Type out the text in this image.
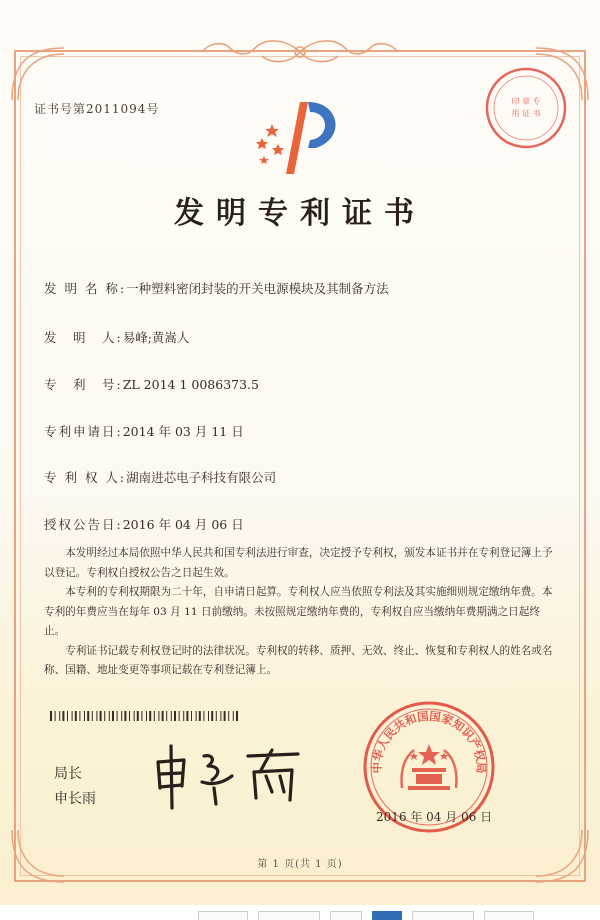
证书号第2011094号
印 章 专
用 证 书
发明专利证书
发 明 名 称:一种塑料密闭封装的开关电源模块及其制备方法
发　明　人:易峰;黄嵩人
专　利　号:ZL 2014 1 0086373.5
专利申请日:2014 年 03 月 11 日
专 利 权 人:湖南进芯电子科技有限公司
授权公告日:2016 年 04 月 06 日

本发明经过本局依照中华人民共和国专利法进行审查，决定授予专利权，颁发本证书并在专利登记簿上予以登记。专利权自授权公告之日起生效。

本专利的专利权期限为二十年，自申请日起算。专利权人应当依照专利法及其实施细则规定缴纳年费。本专利的年费应当在每年 03 月 11 日前缴纳。未按照规定缴纳年费的，专利权自应当缴纳年费期满之日起终止。

专利证书记载专利权登记时的法律状况。专利权的转移、质押、无效、终止、恢复和专利权人的姓名或名称、国籍、地址变更等事项记载在专利登记簿上。

局长
申长雨
中华人民共和国国家知识产权局
2016 年 04 月 06 日
第 1 页(共 1 页)
